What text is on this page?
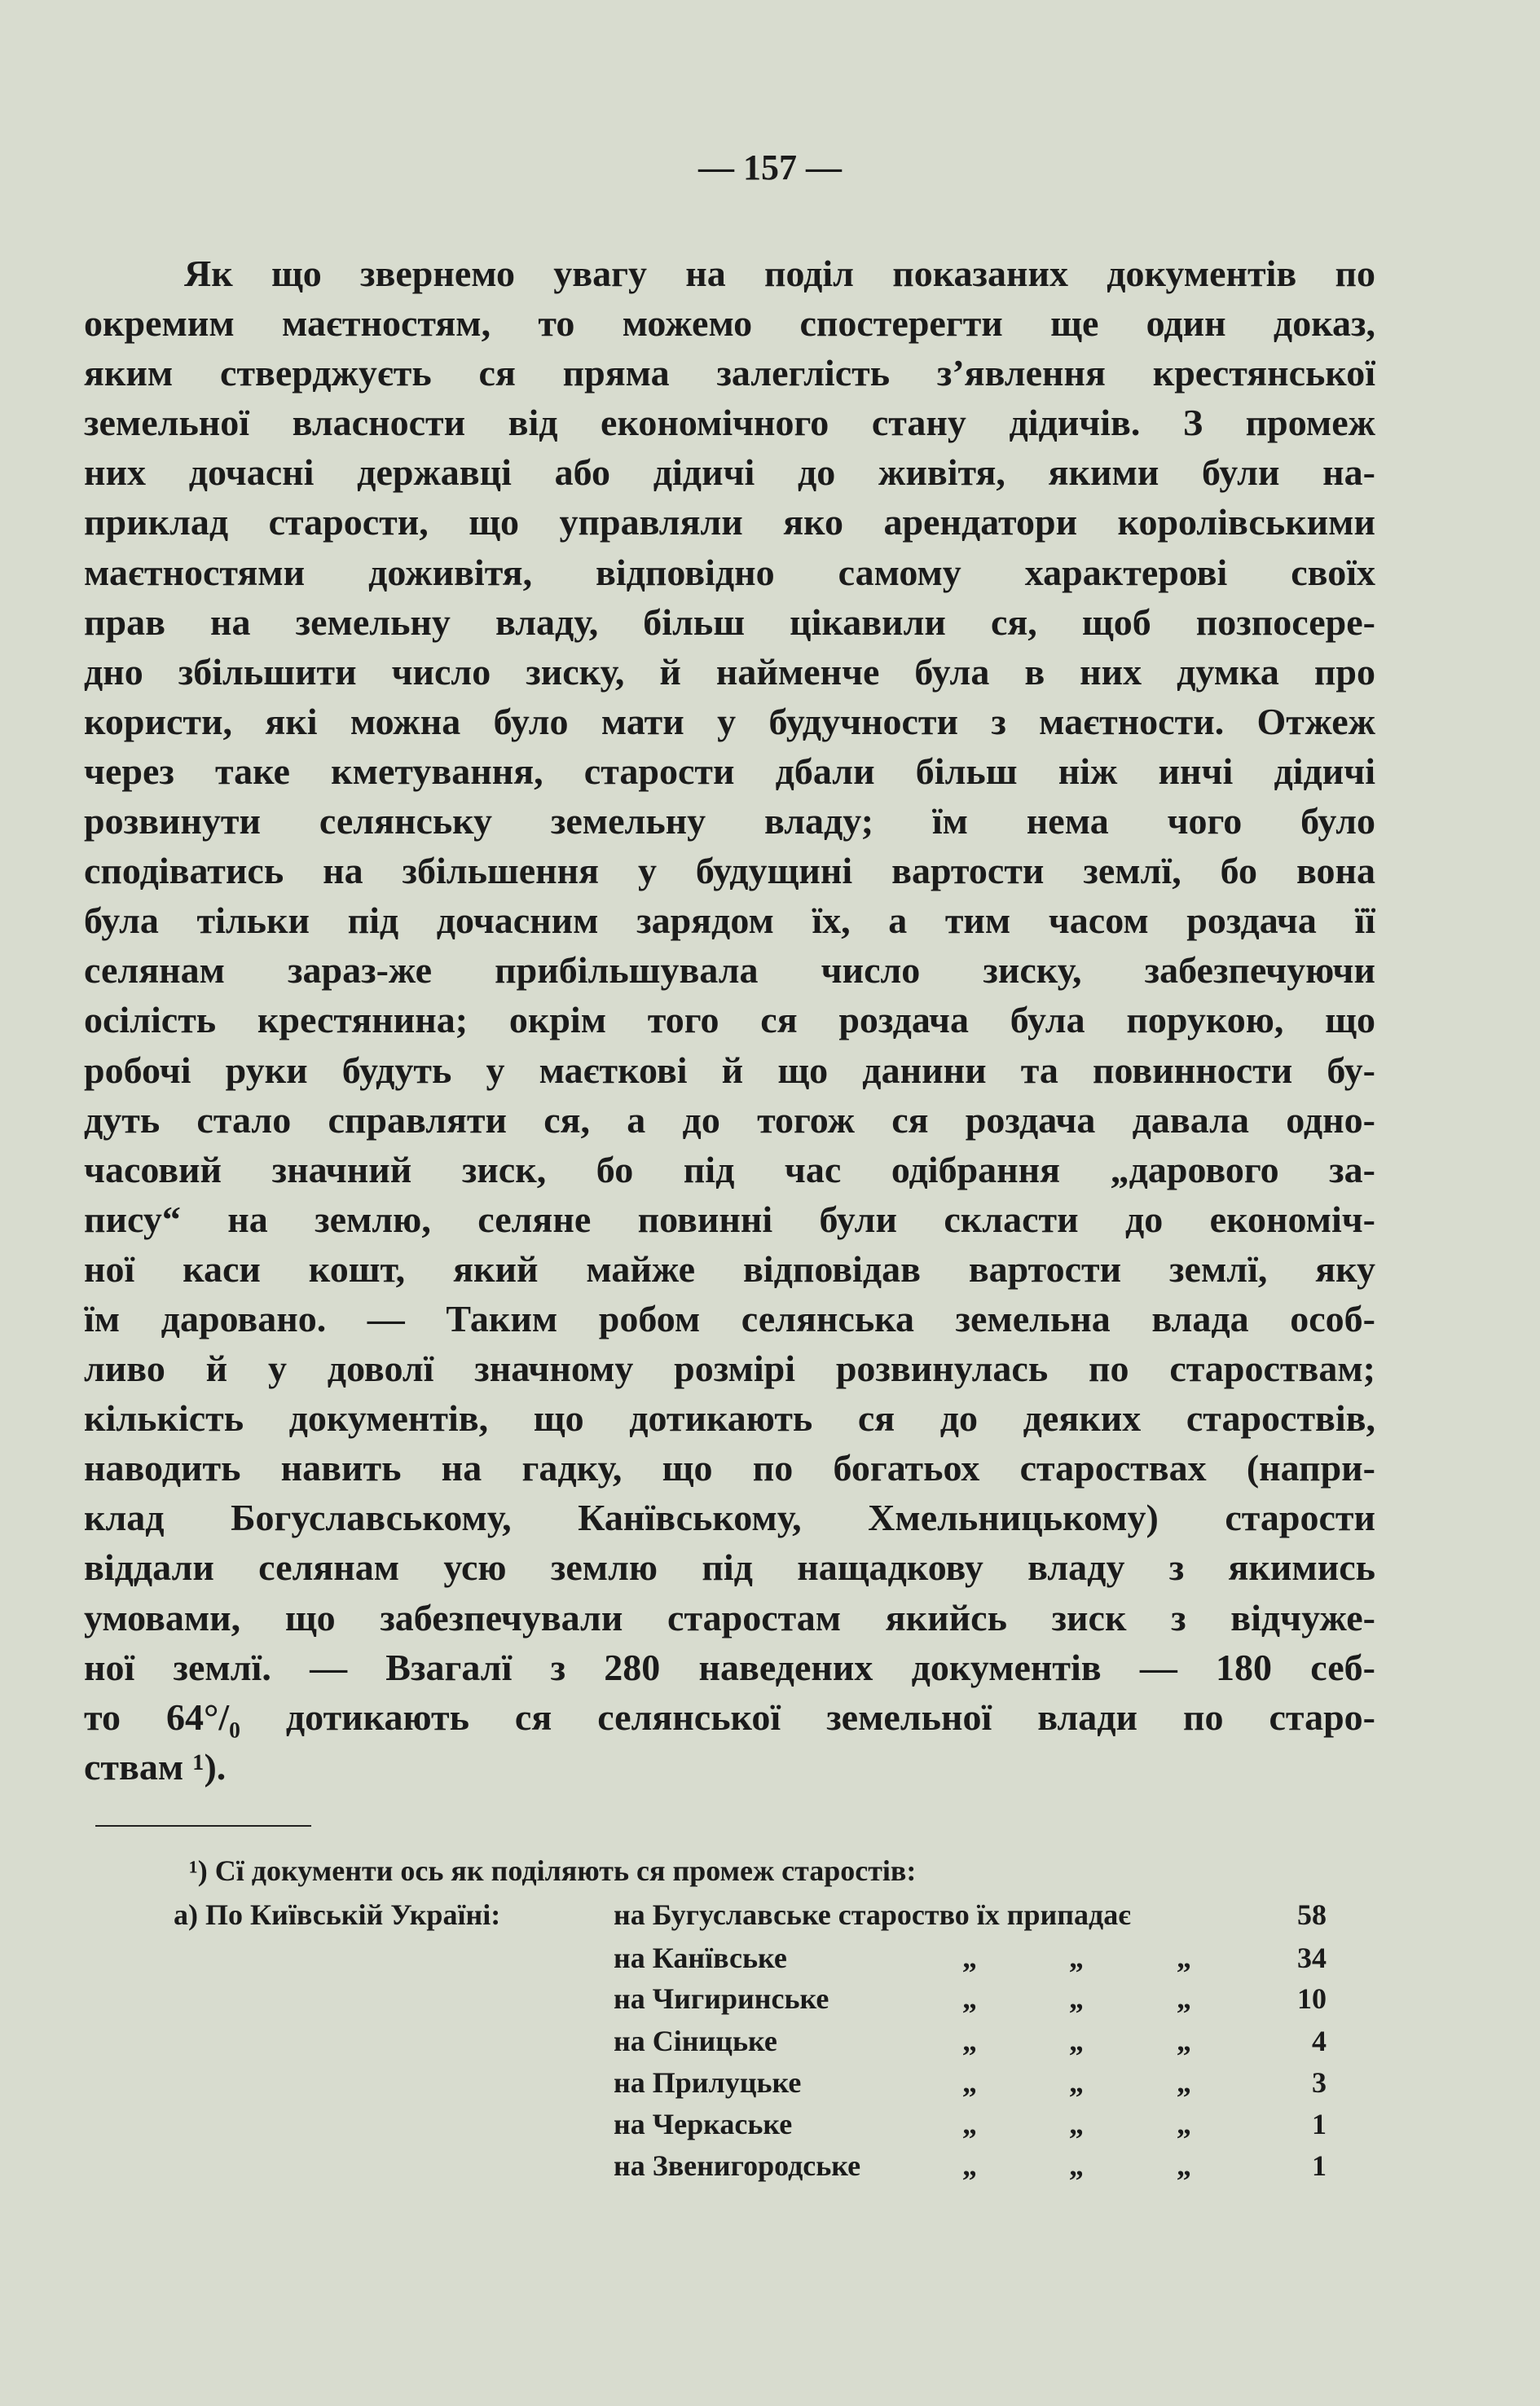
— 157 —
Як що звернемо увагу на поділ показаних документів по
окремим маєтностям, то можемо спостерегти ще один доказ,
яким стверджуєть ся пряма залеглість з’явлення крестянської
земельної власности від економічного стану дідичів. З промеж
них дочасні державці або дідичі до живітя, якими були на-
приклад старости, що управляли яко арендатори королівськими
маєтностями доживітя, відповідно самому характерові своїх
прав на земельну владу, більш цікавили ся, щоб позпосере-
дно збільшити число зиску, й найменче була в них думка про
користи, які можна було мати у будучности з маєтности. Отжеж
через таке кметування, старости дбали більш ніж инчі дідичі
розвинути селянську земельну владу; їм нема чого було
сподіватись на збільшення у будущині вартости землї, бо вона
була тільки під дочасним зарядом їх, а тим часом роздача її
селянам зараз-же прибільшувала число зиску, забезпечуючи
осілість крестянина; окрім того ся роздача була порукою, що
робочі руки будуть у маєткові й що данини та повинности бу-
дуть стало справляти ся, а до тогож ся роздача давала одно-
часовий значний зиск, бо під час одібрання „дарового за-
пису“ на землю, селяне повинні були скласти до економіч-
ної каси кошт, який майже відповідав вартости землї, яку
їм даровано. — Таким робом селянська земельна влада особ-
ливо й у доволї значному розмірі розвинулась по староствам;
кількість документів, що дотикають ся до деяких староствів,
наводить навить на гадку, що по богатьох староствах (напри-
клад Богуславському, Канївському, Хмельницькому) старости
віддали селянам усю землю під нащадкову владу з якимись
умовами, що забезпечували старостам якийсь зиск з відчуже-
ної землї. — Взагалї з 280 наведених документів — 180 себ-
то 64°/₀ дотикають ся селянської земельної влади по старо-
ствам ¹).
¹) Сї документи ось як поділяють ся промеж старостів:
а) По Київській Україні:	на Бугуславське староство їх припадає	58
на Канївське	„	„	„	34
на Чигиринське	„	„	„	10
на Сіницьке	„	„	„	4
на Прилуцьке	„	„	„	3
на Черкаське	„	„	„	1
на Звенигородське	„	„	„	1
